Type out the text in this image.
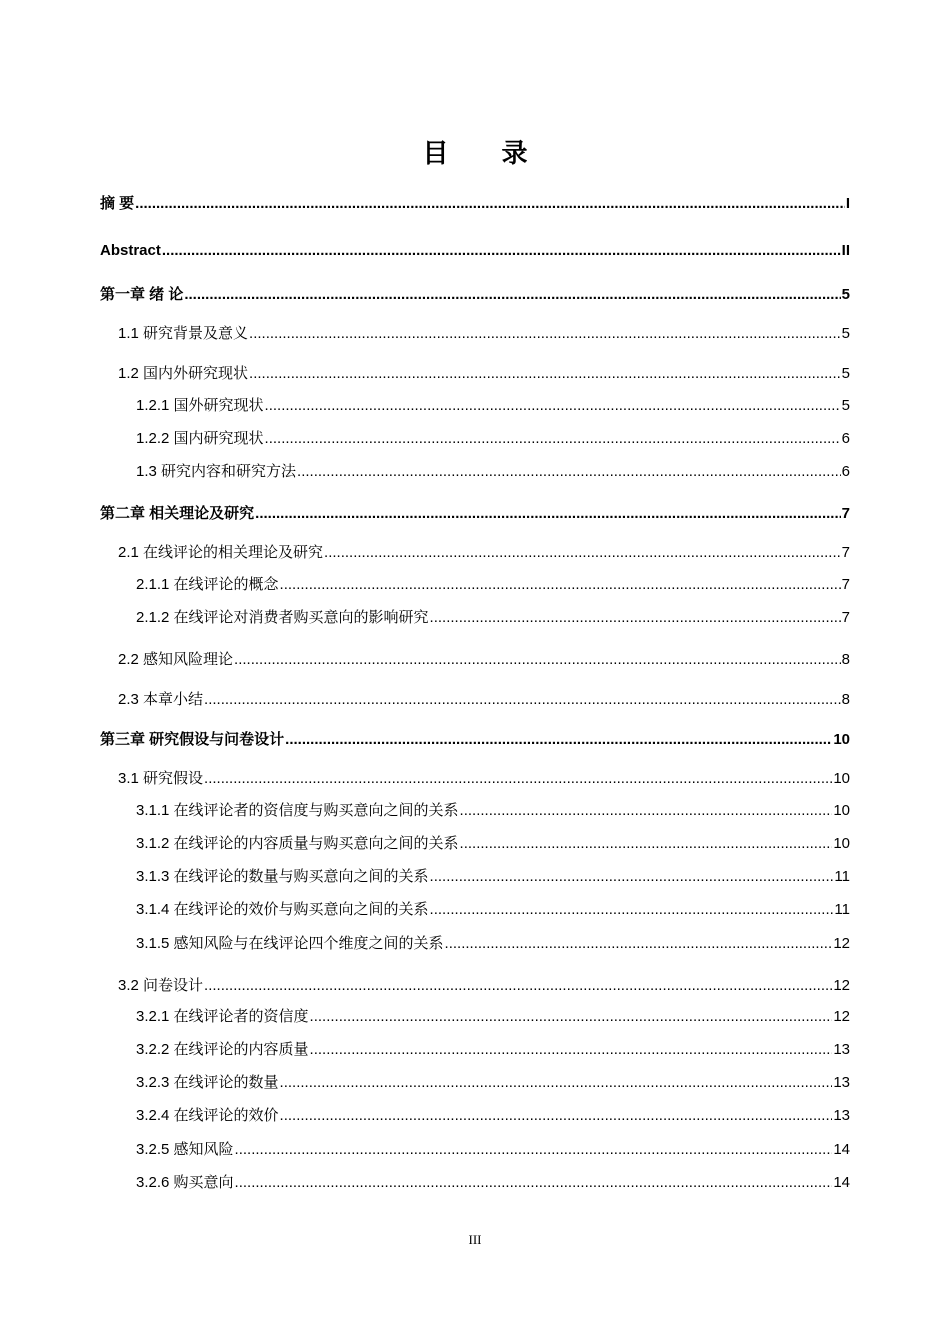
目 录
摘 要 .....	I
Abstract .....	II
第一章 绪 论 .....	5
1.1 研究背景及意义 .....	5
1.2 国内外研究现状 .....	5
1.2.1 国外研究现状 .....	5
1.2.2 国内研究现状 .....	6
1.3 研究内容和研究方法 .....	6
第二章 相关理论及研究 .....	7
2.1 在线评论的相关理论及研究 .....	7
2.1.1 在线评论的概念 .....	7
2.1.2 在线评论对消费者购买意向的影响研究 .....	7
2.2 感知风险理论 .....	8
2.3 本章小结 .....	8
第三章 研究假设与问卷设计 .....	10
3.1 研究假设 .....	10
3.1.1 在线评论者的资信度与购买意向之间的关系 .....	10
3.1.2 在线评论的内容质量与购买意向之间的关系 .....	10
3.1.3 在线评论的数量与购买意向之间的关系 .....	11
3.1.4 在线评论的效价与购买意向之间的关系 .....	11
3.1.5 感知风险与在线评论四个维度之间的关系 .....	12
3.2 问卷设计 .....	12
3.2.1 在线评论者的资信度 .....	12
3.2.2 在线评论的内容质量 .....	13
3.2.3 在线评论的数量 .....	13
3.2.4 在线评论的效价 .....	13
3.2.5 感知风险 .....	14
3.2.6 购买意向 .....	14
III
